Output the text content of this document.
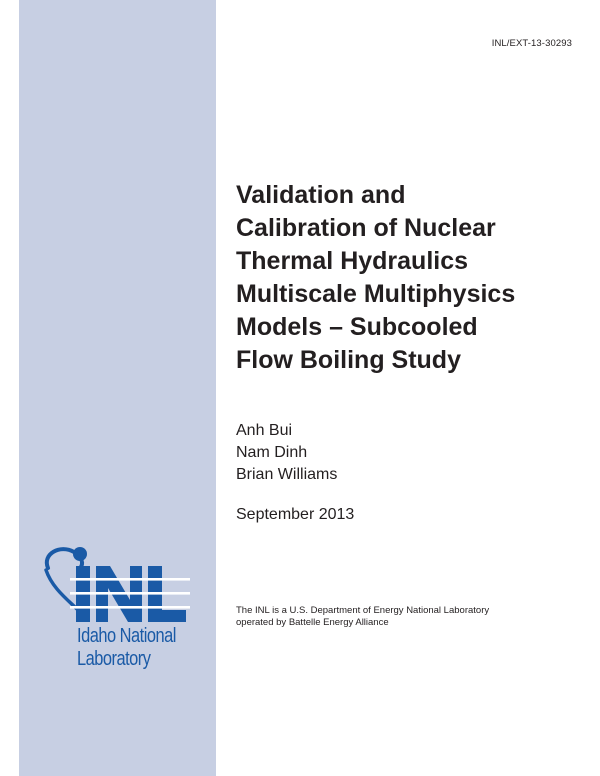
INL/EXT-13-30293
Validation and
Calibration of Nuclear
Thermal Hydraulics
Multiscale Multiphysics
Models – Subcooled
Flow Boiling Study
Anh Bui
Nam Dinh
Brian Williams
September 2013
The INL is a U.S. Department of Energy National Laboratory
operated by Battelle Energy Alliance
Idaho National
Laboratory
